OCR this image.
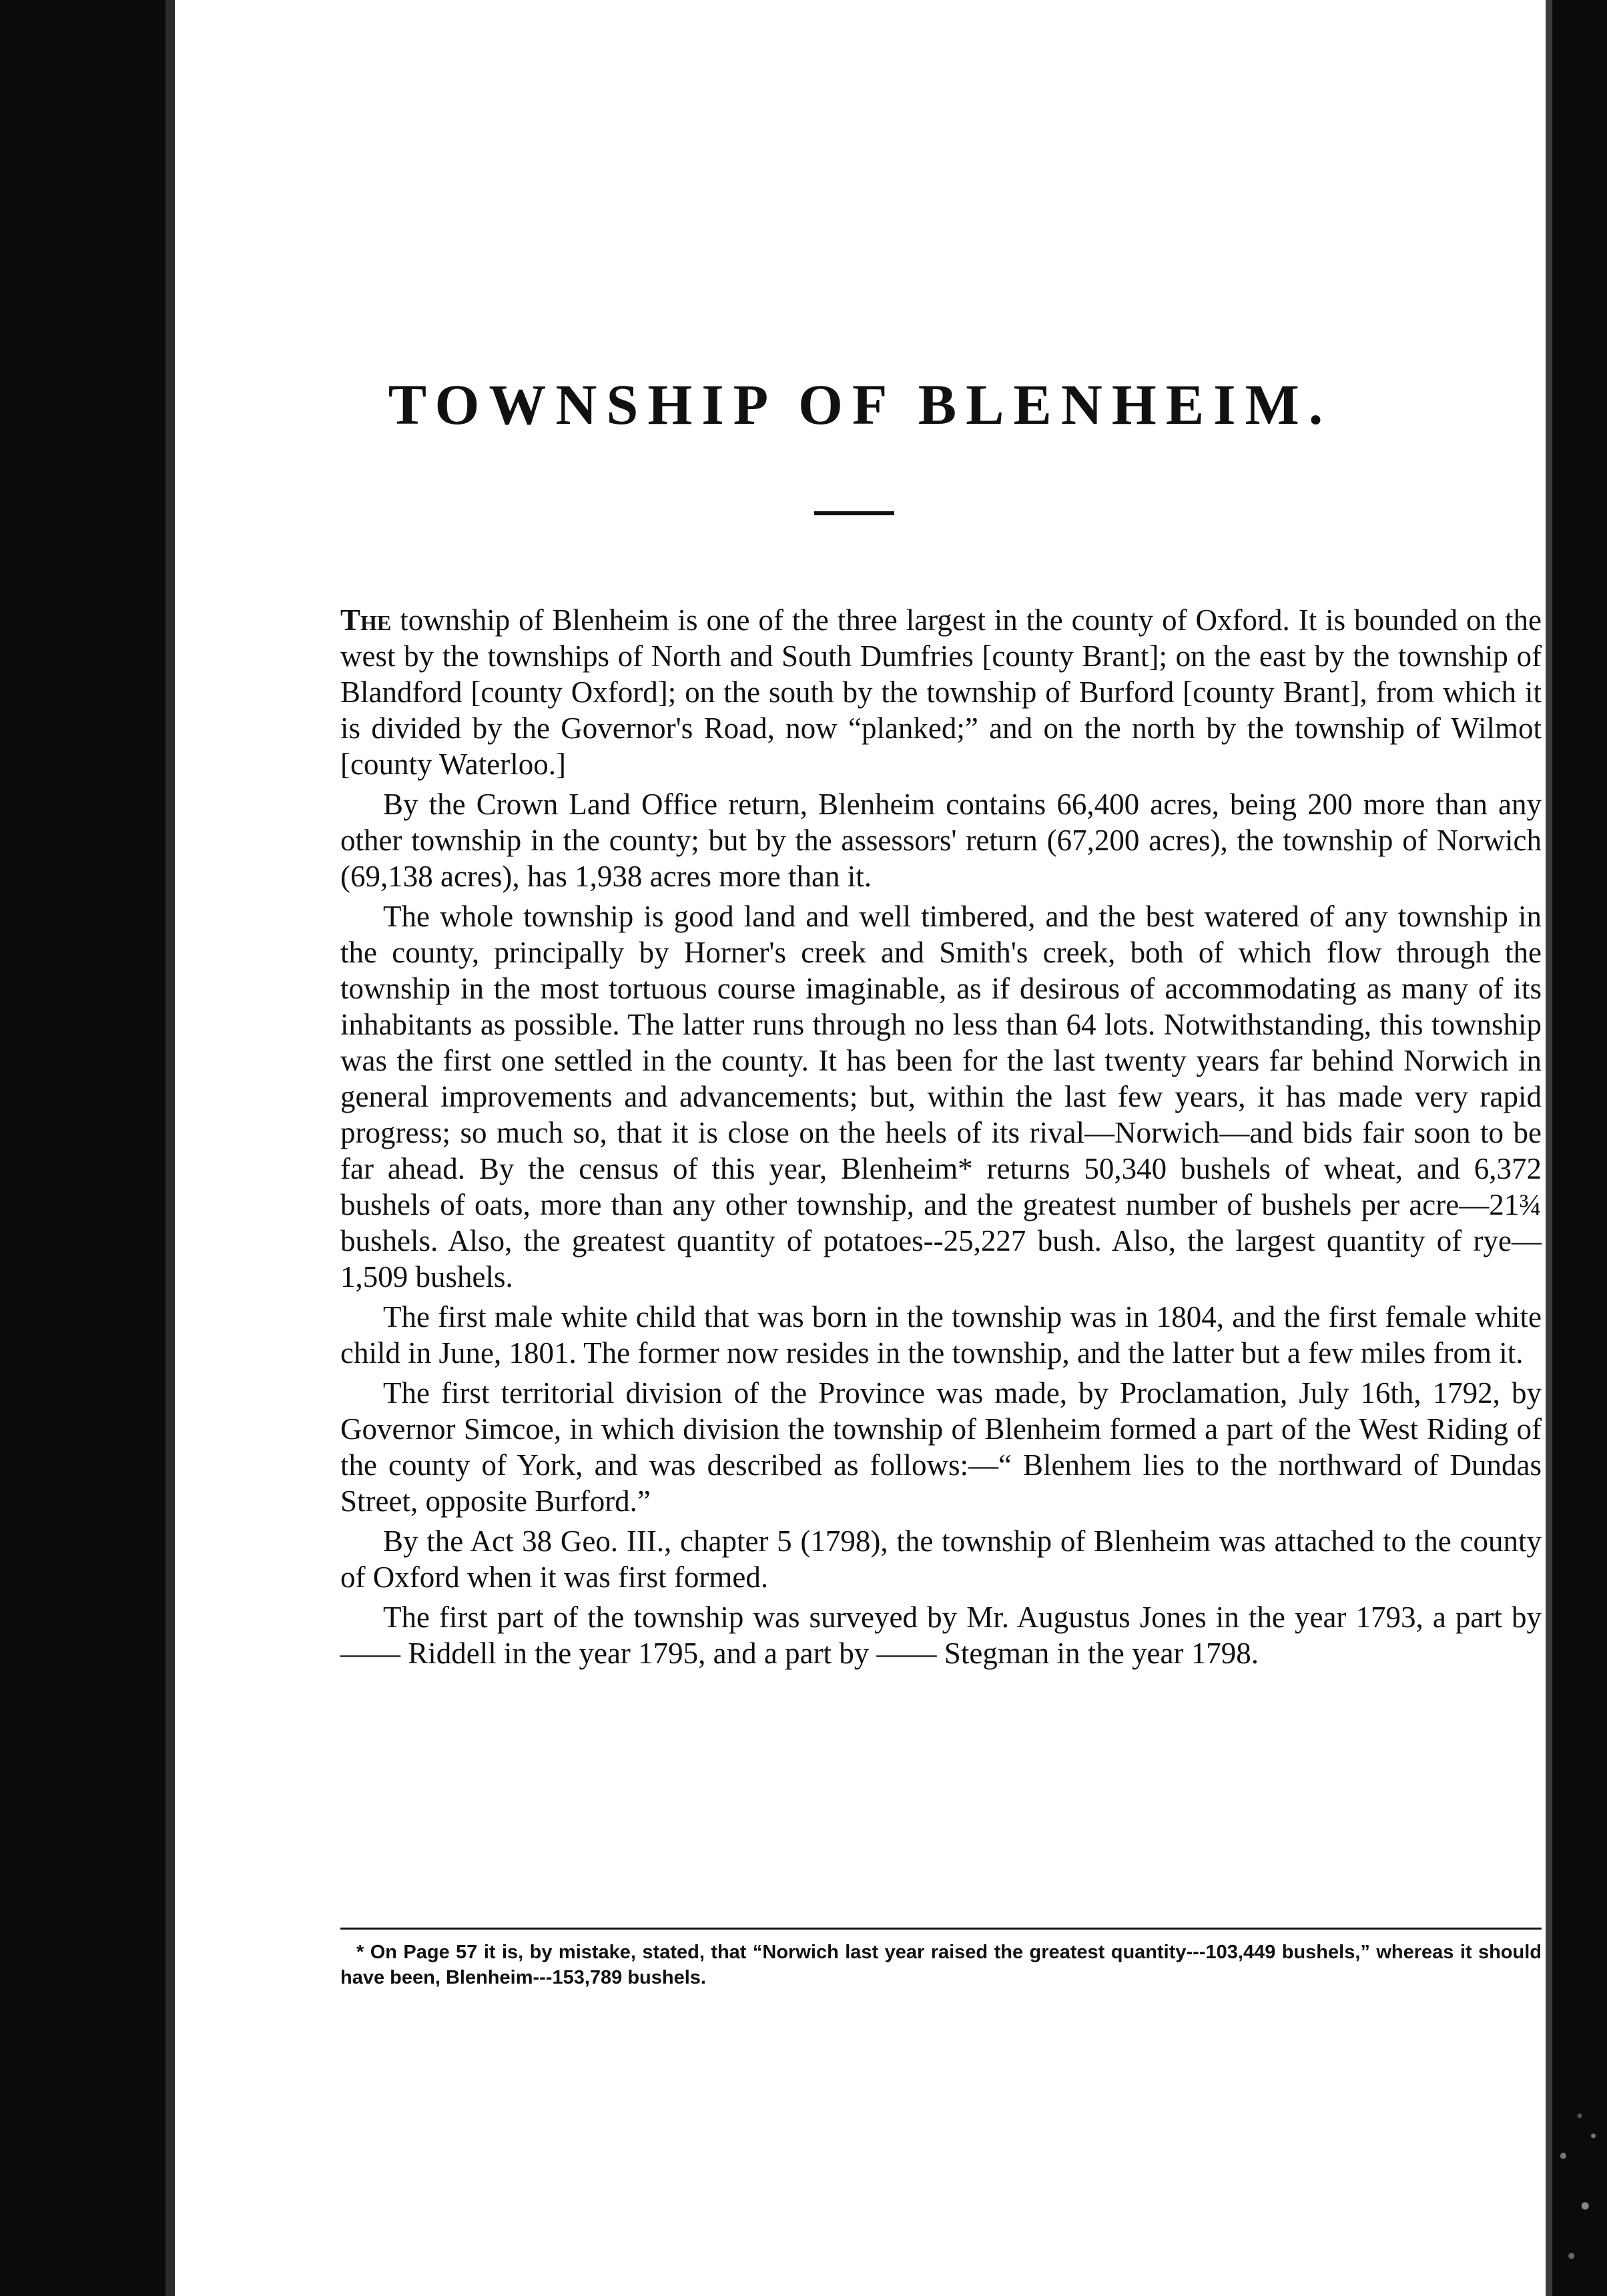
TOWNSHIP OF BLENHEIM.

The township of Blenheim is one of the three largest in the county of Oxford. It is bounded on the west by the townships of North and South Dumfries [county Brant]; on the east by the township of Blandford [county Oxford]; on the south by the township of Burford [county Brant], from which it is divided by the Governor's Road, now “planked;” and on the north by the township of Wilmot [county Waterloo.]

By the Crown Land Office return, Blenheim contains 66,400 acres, being 200 more than any other township in the county; but by the assessors' return (67,200 acres), the township of Norwich (69,138 acres), has 1,938 acres more than it.

The whole township is good land and well timbered, and the best watered of any township in the county, principally by Horner's creek and Smith's creek, both of which flow through the township in the most tortuous course imaginable, as if desirous of accommodating as many of its inhabitants as possible. The latter runs through no less than 64 lots. Notwithstanding, this township was the first one settled in the county. It has been for the last twenty years far behind Norwich in general improvements and advancements; but, within the last few years, it has made very rapid progress; so much so, that it is close on the heels of its rival—Norwich—and bids fair soon to be far ahead. By the census of this year, Blenheim* returns 50,340 bushels of wheat, and 6,372 bushels of oats, more than any other township, and the greatest number of bushels per acre—21¾ bushels. Also, the greatest quantity of potatoes--25,227 bush. Also, the largest quantity of rye—1,509 bushels.

The first male white child that was born in the township was in 1804, and the first female white child in June, 1801. The former now resides in the township, and the latter but a few miles from it.

The first territorial division of the Province was made, by Proclamation, July 16th, 1792, by Governor Simcoe, in which division the township of Blenheim formed a part of the West Riding of the county of York, and was described as follows:—“ Blenhem lies to the northward of Dundas Street, opposite Burford.”

By the Act 38 Geo. III., chapter 5 (1798), the township of Blenheim was attached to the county of Oxford when it was first formed.

The first part of the township was surveyed by Mr. Augustus Jones in the year 1793, a part by —— Riddell in the year 1795, and a part by —— Stegman in the year 1798.

* On Page 57 it is, by mistake, stated, that “Norwich last year raised the greatest quantity---103,449 bushels,” whereas it should have been, Blenheim---153,789 bushels.
